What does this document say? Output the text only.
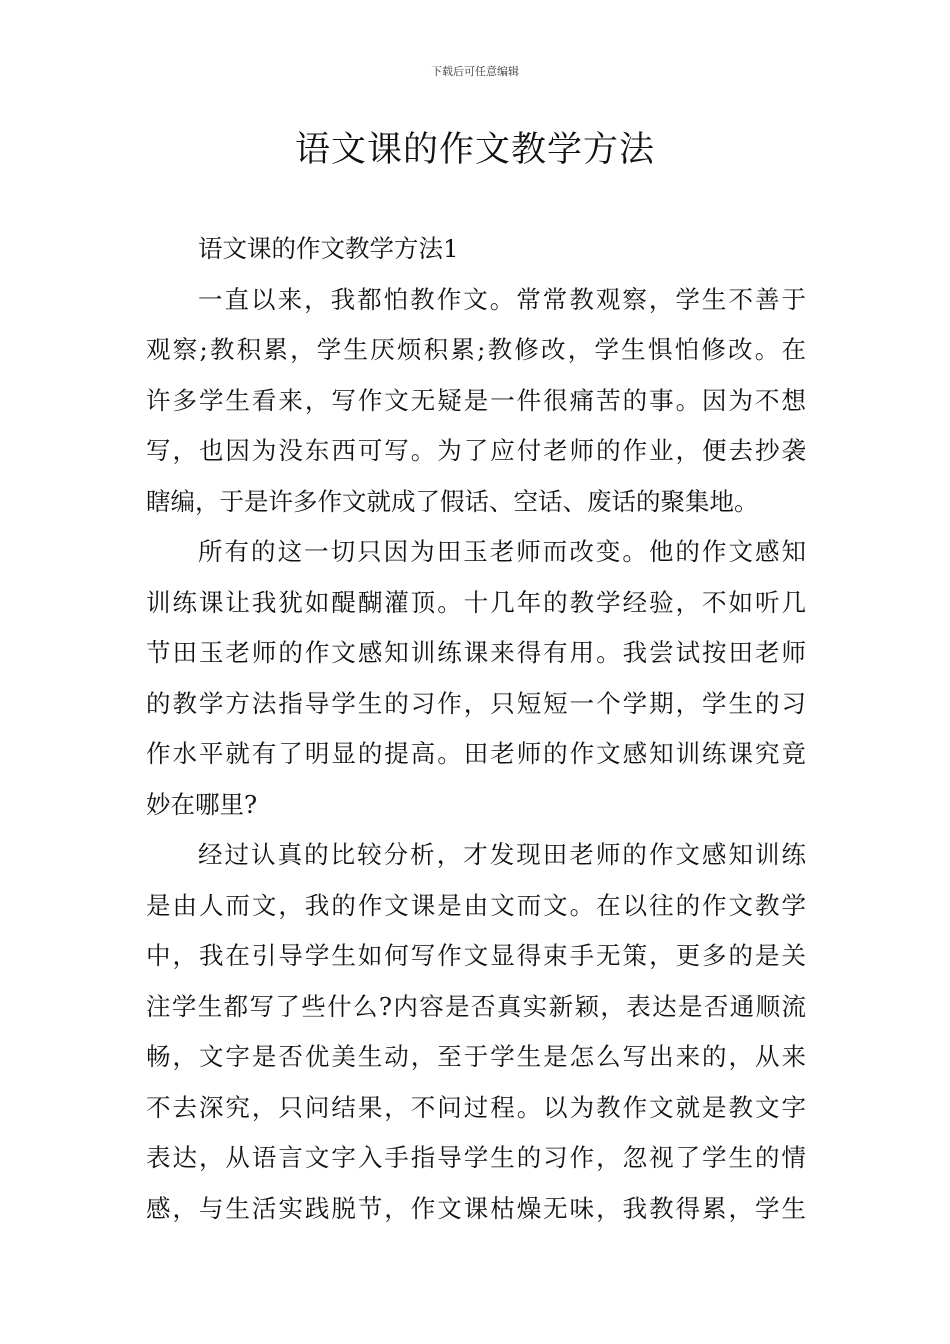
下载后可任意编辑
语文课的作文教学方法
语文课的作文教学方法1
一直以来，我都怕教作文。常常教观察，学生不善于
观察;教积累，学生厌烦积累;教修改，学生惧怕修改。在
许多学生看来，写作文无疑是一件很痛苦的事。因为不想
写，也因为没东西可写。为了应付老师的作业，便去抄袭
瞎编，于是许多作文就成了假话、空话、废话的聚集地。
所有的这一切只因为田玉老师而改变。他的作文感知
训练课让我犹如醍醐灌顶。十几年的教学经验，不如听几
节田玉老师的作文感知训练课来得有用。我尝试按田老师
的教学方法指导学生的习作，只短短一个学期，学生的习
作水平就有了明显的提高。田老师的作文感知训练课究竟
妙在哪里?
经过认真的比较分析，才发现田老师的作文感知训练
是由人而文，我的作文课是由文而文。在以往的作文教学
中，我在引导学生如何写作文显得束手无策，更多的是关
注学生都写了些什么?内容是否真实新颖，表达是否通顺流
畅，文字是否优美生动，至于学生是怎么写出来的，从来
不去深究，只问结果，不问过程。以为教作文就是教文字
表达，从语言文字入手指导学生的习作，忽视了学生的情
感，与生活实践脱节，作文课枯燥无味，我教得累，学生
